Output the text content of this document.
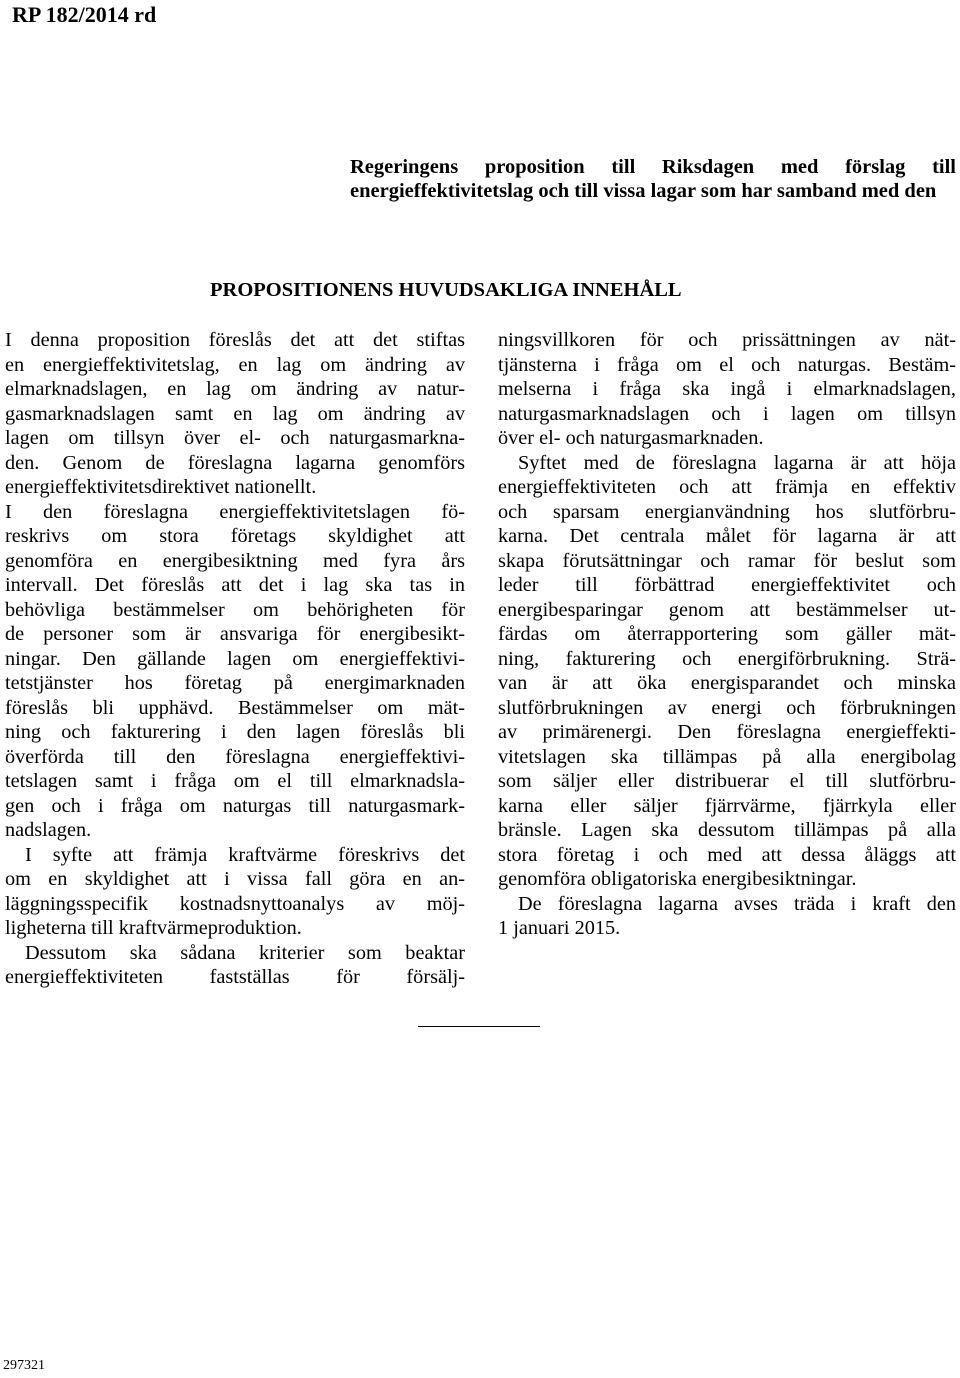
RP 182/2014 rd

Regeringens proposition till Riksdagen med förslag till energieffektivitetslag och till vissa lagar som har samband med den

PROPOSITIONENS HUVUDSAKLIGA INNEHÅLL

I denna proposition föreslås det att det stiftas
en energieffektivitetslag, en lag om ändring av
elmarknadslagen, en lag om ändring av natur-
gasmarknadslagen samt en lag om ändring av
lagen om tillsyn över el- och naturgasmarkna-
den. Genom de föreslagna lagarna genomförs
energieffektivitetsdirektivet nationellt.

I den föreslagna energieffektivitetslagen fö-
reskrivs om stora företags skyldighet att
genomföra en energibesiktning med fyra års
intervall. Det föreslås att det i lag ska tas in
behövliga bestämmelser om behörigheten för
de personer som är ansvariga för energibesikt-
ningar. Den gällande lagen om energieffektivi-
tetstjänster hos företag på energimarknaden
föreslås bli upphävd. Bestämmelser om mät-
ning och fakturering i den lagen föreslås bli
överförda till den föreslagna energieffektivi-
tetslagen samt i fråga om el till elmarknadsla-
gen och i fråga om naturgas till naturgasmark-
nadslagen.

I syfte att främja kraftvärme föreskrivs det
om en skyldighet att i vissa fall göra en an-
läggningsspecifik kostnadsnyttoanalys av möj-
ligheterna till kraftvärmeproduktion.

Dessutom ska sådana kriterier som beaktar
energieffektiviteten fastställas för försälj-

ningsvillkoren för och prissättningen av nät-
tjänsterna i fråga om el och naturgas. Bestäm-
melserna i fråga ska ingå i elmarknadslagen,
naturgasmarknadslagen och i lagen om tillsyn
över el- och naturgasmarknaden.

Syftet med de föreslagna lagarna är att höja
energieffektiviteten och att främja en effektiv
och sparsam energianvändning hos slutförbru-
karna. Det centrala målet för lagarna är att
skapa förutsättningar och ramar för beslut som
leder till förbättrad energieffektivitet och
energibesparingar genom att bestämmelser ut-
färdas om återrapportering som gäller mät-
ning, fakturering och energiförbrukning. Strä-
van är att öka energisparandet och minska
slutförbrukningen av energi och förbrukningen
av primärenergi. Den föreslagna energieffekti-
vitetslagen ska tillämpas på alla energibolag
som säljer eller distribuerar el till slutförbru-
karna eller säljer fjärrvärme, fjärrkyla eller
bränsle. Lagen ska dessutom tillämpas på alla
stora företag i och med att dessa åläggs att
genomföra obligatoriska energibesiktningar.

De föreslagna lagarna avses träda i kraft den
1 januari 2015.

297321
